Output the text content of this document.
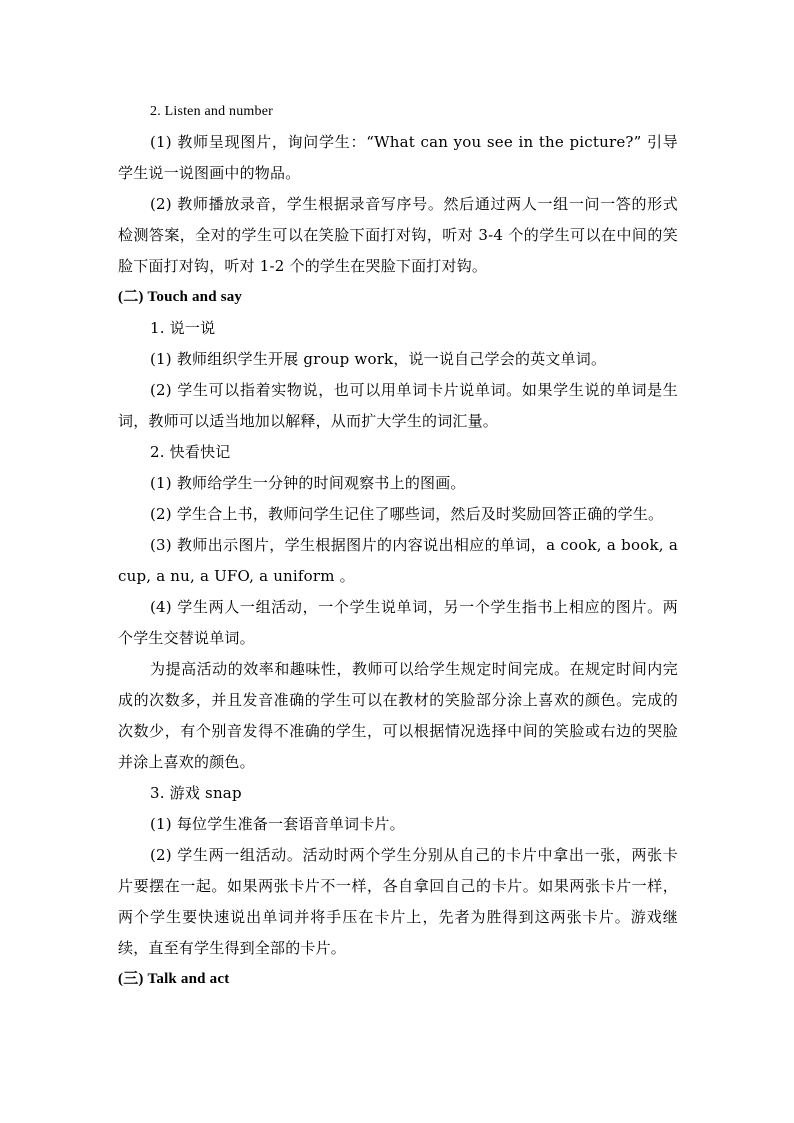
2. Listen and number

(1) 教师呈现图片，询问学生：“What can you see in the picture?” 引导学生说一说图画中的物品。

(2) 教师播放录音，学生根据录音写序号。然后通过两人一组一问一答的形式检测答案，全对的学生可以在笑脸下面打对钩，听对 3-4 个的学生可以在中间的笑脸下面打对钩，听对 1-2 个的学生在哭脸下面打对钩。

(二) Touch and say

1. 说一说

(1) 教师组织学生开展 group work，说一说自己学会的英文单词。

(2) 学生可以指着实物说，也可以用单词卡片说单词。如果学生说的单词是生词，教师可以适当地加以解释，从而扩大学生的词汇量。

2. 快看快记

(1) 教师给学生一分钟的时间观察书上的图画。

(2) 学生合上书，教师问学生记住了哪些词，然后及时奖励回答正确的学生。

(3) 教师出示图片，学生根据图片的内容说出相应的单词，a cook, a book, a cup, a nu, a UFO, a uniform 。

(4) 学生两人一组活动，一个学生说单词，另一个学生指书上相应的图片。两个学生交替说单词。

为提高活动的效率和趣味性，教师可以给学生规定时间完成。在规定时间内完成的次数多，并且发音准确的学生可以在教材的笑脸部分涂上喜欢的颜色。完成的次数少，有个别音发得不准确的学生，可以根据情况选择中间的笑脸或右边的哭脸并涂上喜欢的颜色。

3. 游戏 snap

(1) 每位学生准备一套语音单词卡片。

(2) 学生两一组活动。活动时两个学生分别从自己的卡片中拿出一张，两张卡片要摆在一起。如果两张卡片不一样，各自拿回自己的卡片。如果两张卡片一样，两个学生要快速说出单词并将手压在卡片上，先者为胜得到这两张卡片。游戏继续，直至有学生得到全部的卡片。

(三) Talk and act
